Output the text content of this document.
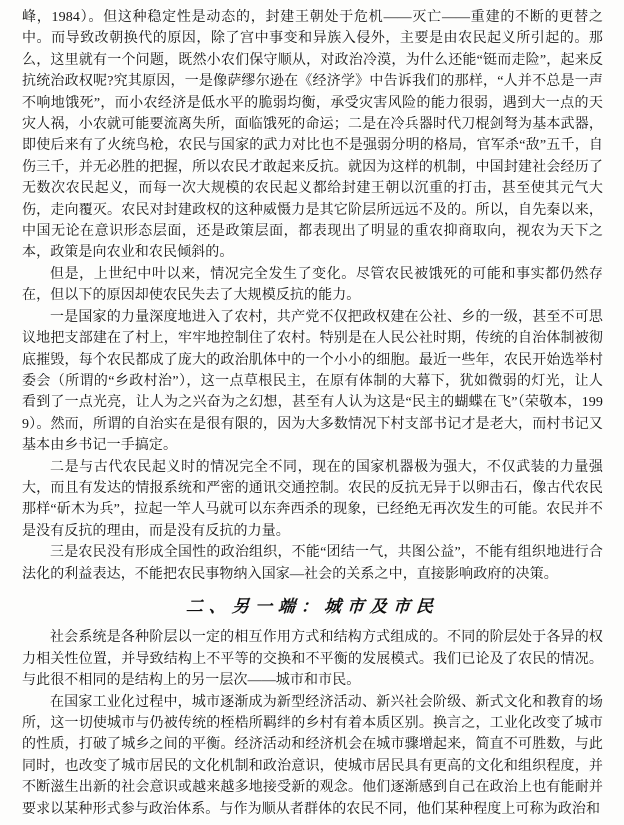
峰，1984）。但这种稳定性是动态的，封建王朝处于危机——灭亡——重建的不断的更替之中。而导致改朝换代的原因，除了宫中事变和异族入侵外，主要是由农民起义所引起的。那么，这里就有一个问题，既然小农们保守顺从，对政治冷漠，为什么还能“铤而走险”，起来反抗统治政权呢?究其原因，一是像萨缪尔逊在《经济学》中告诉我们的那样，“人并不总是一声不响地饿死”，而小农经济是低水平的脆弱均衡，承受灾害风险的能力很弱，遇到大一点的天灾人祸，小农就可能要流离失所，面临饿死的命运；二是在冷兵器时代刀棍剑弩为基本武器，即使后来有了火统鸟枪，农民与国家的武力对比也不是强弱分明的格局，官军杀“敌”五千，自伤三千，并无必胜的把握，所以农民才敢起来反抗。就因为这样的机制，中国封建社会经历了无数次农民起义，而每一次大规模的农民起义都给封建王朝以沉重的打击，甚至使其元气大伤，走向覆灭。农民对封建政权的这种威慑力是其它阶层所远远不及的。所以，自先秦以来，中国无论在意识形态层面，还是政策层面，都表现出了明显的重农抑商取向，视农为天下之本，政策是向农业和农民倾斜的。

但是，上世纪中叶以来，情况完全发生了变化。尽管农民被饿死的可能和事实都仍然存在，但以下的原因却使农民失去了大规模反抗的能力。

一是国家的力量深度地进入了农村，共产党不仅把政权建在公社、乡的一级，甚至不可思议地把支部建在了村上，牢牢地控制住了农村。特别是在人民公社时期，传统的自治体制被彻底摧毁，每个农民都成了庞大的政治肌体中的一个小小的细胞。最近一些年，农民开始选举村委会（所谓的“乡政村治”），这一点草根民主，在原有体制的大幕下，犹如微弱的灯光，让人看到了一点光亮，让人为之兴奋为之幻想，甚至有人认为这是“民主的蝴蝶在飞”（荣敬本，1999）。然而，所谓的自治实在是很有限的，因为大多数情况下村支部书记才是老大，而村书记又基本由乡书记一手搞定。

二是与古代农民起义时的情况完全不同，现在的国家机器极为强大，不仅武装的力量强大，而且有发达的情报系统和严密的通讯交通控制。农民的反抗无异于以卵击石，像古代农民那样“斫木为兵”，拉起一竿人马就可以东奔西杀的现象，已经绝无再次发生的可能。农民并不是没有反抗的理由，而是没有反抗的力量。

三是农民没有形成全国性的政治组织，不能“团结一气，共图公益”，不能有组织地进行合法化的利益表达，不能把农民事物纳入国家—社会的关系之中，直接影响政府的决策。

二、另一端：城市及市民

社会系统是各种阶层以一定的相互作用方式和结构方式组成的。不同的阶层处于各异的权力相关性位置，并导致结构上不平等的交换和不平衡的发展模式。我们已论及了农民的情况。与此很不相同的是结构上的另一层次——城市和市民。

在国家工业化过程中，城市逐渐成为新型经济活动、新兴社会阶级、新式文化和教育的场所，这一切使城市与仍被传统的桎梏所羁绊的乡村有着本质区别。换言之，工业化改变了城市的性质，打破了城乡之间的平衡。经济活动和经济机会在城市骤增起来，简直不可胜数，与此同时，也改变了城市居民的文化机制和政治意识，使城市居民具有更高的文化和组织程度，并不断滋生出新的社会意识或越来越多地接受新的观念。他们逐渐感到自己在政治上也有能耐并要求以某种形式参与政治体系。与作为顺从者群体的农民不同，他们某种程度上可称为政治和
